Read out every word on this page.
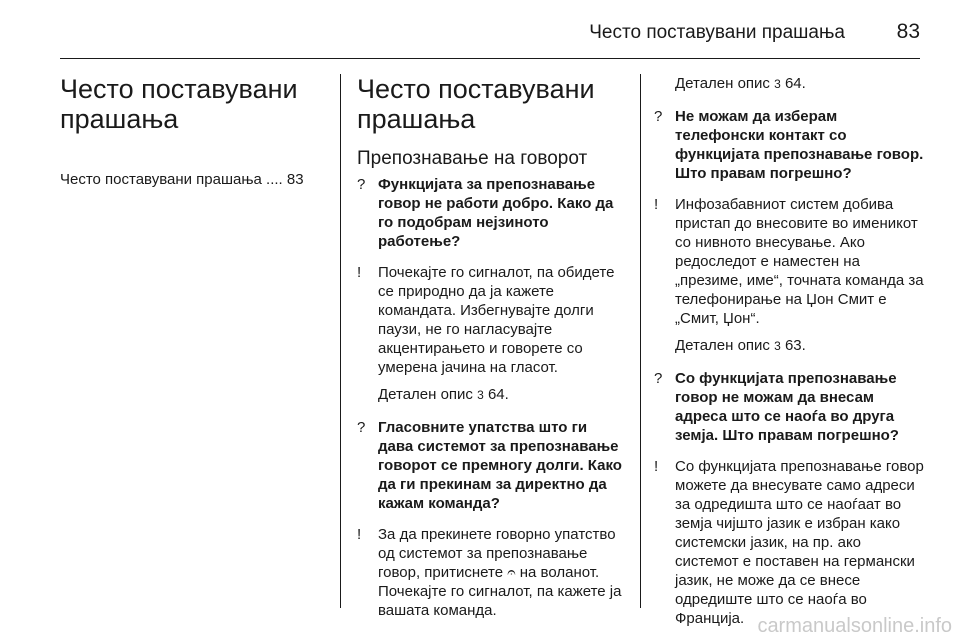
Често поставувани прашања 83
Често поставувани прашања
Често поставувани прашања .... 83
Често поставувани прашања
Препознавање на говорот
? Функцијата за препознавање говор не работи добро. Како да го подобрам нејзиното работење?
! Почекајте го сигналот, па обидете се природно да ја кажете командата. Избегнувајте долги паузи, не го нагласувајте акцентирањето и говорете со умерена јачина на гласот.
Детален опис 3 64.
? Гласовните упатства што ги дава системот за препознавање говорот се премногу долги. Како да ги прекинам за директно да кажам команда?
! За да прекинете говорно упатство од системот за препознавање говор, притиснете 𝄐 на воланот. Почекајте го сигналот, па кажете ја вашата команда.
Детален опис 3 64.
? Не можам да изберам телефонски контакт со функцијата препознавање говор. Што правам погрешно?
! Инфозабавниот систем добива пристап до внесовите во именикот со нивното внесување. Ако редоследот е наместен на „презиме, име“, точната команда за телефонирање на Џон Смит е „Смит, Џон“.
Детален опис 3 63.
? Со функцијата препознавање говор не можам да внесам адреса што се наоѓа во друга земја. Што правам погрешно?
! Со функцијата препознавање говор можете да внесувате само адреси за одредишта што се наоѓаат во земја чијшто јазик е избран како системски јазик, на пр. ако системот е поставен на германски јазик, не може да се внесе одредиште што се наоѓа во Франција. carmanualsonline.info
